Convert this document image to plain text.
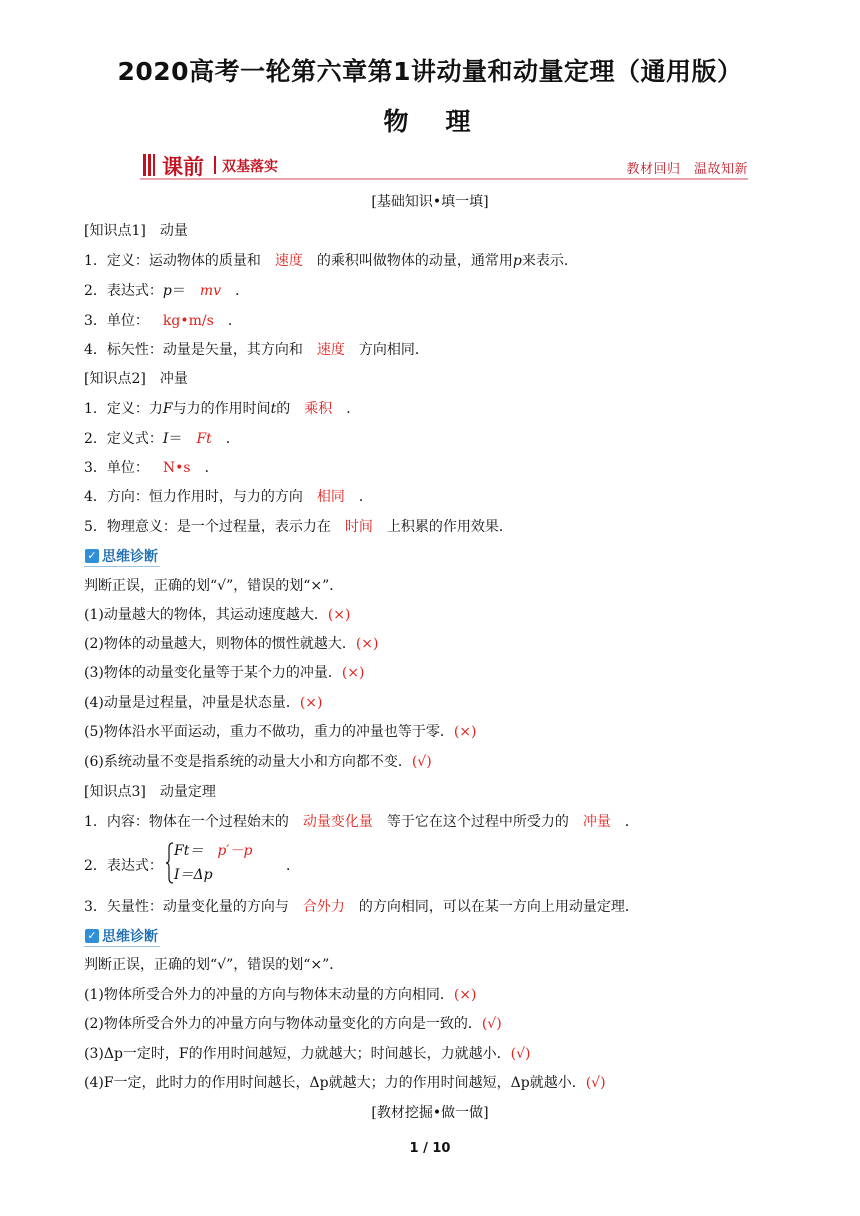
2020高考一轮第六章第1讲动量和动量定理（通用版）
物　理
课前 双基落实	教材回归　温故知新
[基础知识•填一填]
[知识点1]　动量
1．定义：运动物体的质量和 速度 的乘积叫做物体的动量，通常用p来表示．
2．表达式：p＝ mv ．
3．单位： kg•m/s ．
4．标矢性：动量是矢量，其方向和 速度 方向相同．
[知识点2]　冲量
1．定义：力F与力的作用时间t的 乘积 ．
2．定义式：I＝ Ft ．
3．单位： N•s ．
4．方向：恒力作用时，与力的方向 相同 ．
5．物理意义：是一个过程量，表示力在 时间 上积累的作用效果．
✓ 思维诊断
判断正误，正确的划“√”，错误的划“×”．
(1)动量越大的物体，其运动速度越大．(×)
(2)物体的动量越大，则物体的惯性就越大．(×)
(3)物体的动量变化量等于某个力的冲量．(×)
(4)动量是过程量，冲量是状态量．(×)
(5)物体沿水平面运动，重力不做功，重力的冲量也等于零．(×)
(6)系统动量不变是指系统的动量大小和方向都不变．(√)
[知识点3]　动量定理
1．内容：物体在一个过程始末的 动量变化量 等于它在这个过程中所受力的 冲量 ．
2．表达式：
Ft＝ p′－p
I＝Δp
．
3．矢量性：动量变化量的方向与 合外力 的方向相同，可以在某一方向上用动量定理．
✓ 思维诊断
判断正误，正确的划“√”，错误的划“×”．
(1)物体所受合外力的冲量的方向与物体末动量的方向相同．(×)
(2)物体所受合外力的冲量方向与物体动量变化的方向是一致的．(√)
(3)Δp一定时，F的作用时间越短，力就越大；时间越长，力就越小．(√)
(4)F一定，此时力的作用时间越长，Δp就越大；力的作用时间越短，Δp就越小．(√)
[教材挖掘•做一做]
1 / 10
